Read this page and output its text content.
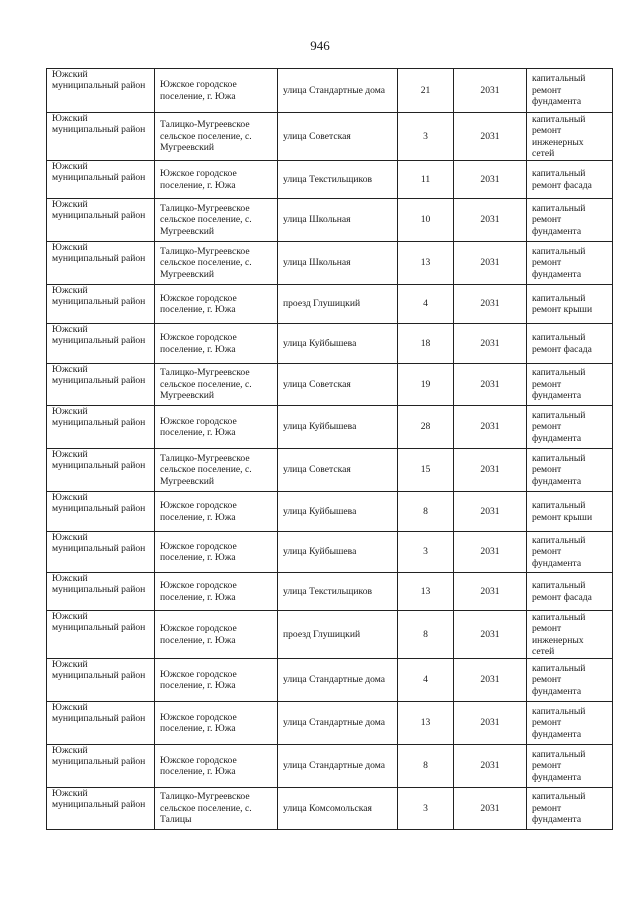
946
Южский муниципальный район	Южское городское поселение, г. Южа	улица Стандартные дома	21	2031	капитальный ремонт фундамента
Южский муниципальный район	Талицко-Мугреевское сельское поселение, с. Мугреевский	улица Советская	3	2031	капитальный ремонт инженерных сетей
Южский муниципальный район	Южское городское поселение, г. Южа	улица Текстильщиков	11	2031	капитальный ремонт фасада
Южский муниципальный район	Талицко-Мугреевское сельское поселение, с. Мугреевский	улица Школьная	10	2031	капитальный ремонт фундамента
Южский муниципальный район	Талицко-Мугреевское сельское поселение, с. Мугреевский	улица Школьная	13	2031	капитальный ремонт фундамента
Южский муниципальный район	Южское городское поселение, г. Южа	проезд Глушицкий	4	2031	капитальный ремонт крыши
Южский муниципальный район	Южское городское поселение, г. Южа	улица Куйбышева	18	2031	капитальный ремонт фасада
Южский муниципальный район	Талицко-Мугреевское сельское поселение, с. Мугреевский	улица Советская	19	2031	капитальный ремонт фундамента
Южский муниципальный район	Южское городское поселение, г. Южа	улица Куйбышева	28	2031	капитальный ремонт фундамента
Южский муниципальный район	Талицко-Мугреевское сельское поселение, с. Мугреевский	улица Советская	15	2031	капитальный ремонт фундамента
Южский муниципальный район	Южское городское поселение, г. Южа	улица Куйбышева	8	2031	капитальный ремонт крыши
Южский муниципальный район	Южское городское поселение, г. Южа	улица Куйбышева	3	2031	капитальный ремонт фундамента
Южский муниципальный район	Южское городское поселение, г. Южа	улица Текстильщиков	13	2031	капитальный ремонт фасада
Южский муниципальный район	Южское городское поселение, г. Южа	проезд Глушицкий	8	2031	капитальный ремонт инженерных сетей
Южский муниципальный район	Южское городское поселение, г. Южа	улица Стандартные дома	4	2031	капитальный ремонт фундамента
Южский муниципальный район	Южское городское поселение, г. Южа	улица Стандартные дома	13	2031	капитальный ремонт фундамента
Южский муниципальный район	Южское городское поселение, г. Южа	улица Стандартные дома	8	2031	капитальный ремонт фундамента
Южский муниципальный район	Талицко-Мугреевское сельское поселение, с. Талицы	улица Комсомольская	3	2031	капитальный ремонт фундамента
